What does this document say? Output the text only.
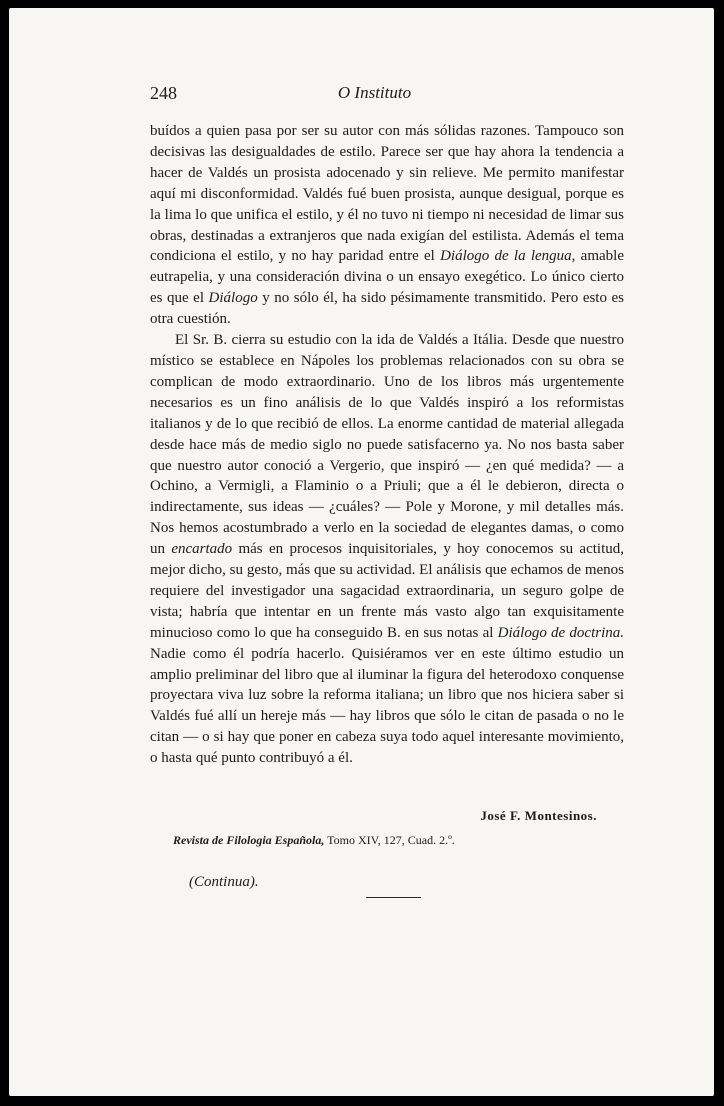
248	O Instituto

buídos a quien pasa por ser su autor con más sólidas razones. Tampouco son decisivas las desigualdades de estilo. Parece ser que hay ahora la tendencia a hacer de Valdés un prosista adocenado y sin relieve. Me permito manifestar aquí mi disconformidad. Valdés fué buen prosista, aunque desigual, porque es la lima lo que unifica el estilo, y él no tuvo ni tiempo ni necesidad de limar sus obras, destinadas a extranjeros que nada exigían del estilista. Además el tema condiciona el estilo, y no hay paridad entre el Diálogo de la lengua, amable eutrapelia, y una consideración divina o un ensayo exegético. Lo único cierto es que el Diálogo y no sólo él, ha sido pésimamente transmitido. Pero esto es otra cuestión.

El Sr. B. cierra su estudio con la ida de Valdés a Itália. Desde que nuestro místico se establece en Nápoles los problemas relacionados con su obra se complican de modo extraordinario. Uno de los libros más urgentemente necesarios es un fino análisis de lo que Valdés inspiró a los reformistas italianos y de lo que recibió de ellos. La enorme cantidad de material allegada desde hace más de medio siglo no puede satisfacerno ya. No nos basta saber que nuestro autor conoció a Vergerio, que inspiró — ¿en qué medida? — a Ochino, a Vermigli, a Flaminio o a Priuli; que a él le debieron, directa o indirectamente, sus ideas — ¿cuáles? — Pole y Morone, y mil detalles más. Nos hemos acostumbrado a verlo en la sociedad de elegantes damas, o como un encartado más en procesos inquisitoriales, y hoy conocemos su actitud, mejor dicho, su gesto, más que su actividad. El análisis que echamos de menos requiere del investigador una sagacidad extraordinaria, un seguro golpe de vista; habría que intentar en un frente más vasto algo tan exquisitamente minucioso como lo que ha conseguido B. en sus notas al Diálogo de doctrina. Nadie como él podría hacerlo. Quisiéramos ver en este último estudio un amplio preliminar del libro que al iluminar la figura del heterodoxo conquense proyectara viva luz sobre la reforma italiana; un libro que nos hiciera saber si Valdés fué allí un hereje más — hay libros que sólo le citan de pasada o no le citan — o si hay que poner en cabeza suya todo aquel interesante movimiento, o hasta qué punto contribuyó a él.

José F. Montesinos.
Revista de Filologia Española, Tomo XIV, 127, Cuad. 2.º.
(Continua).
